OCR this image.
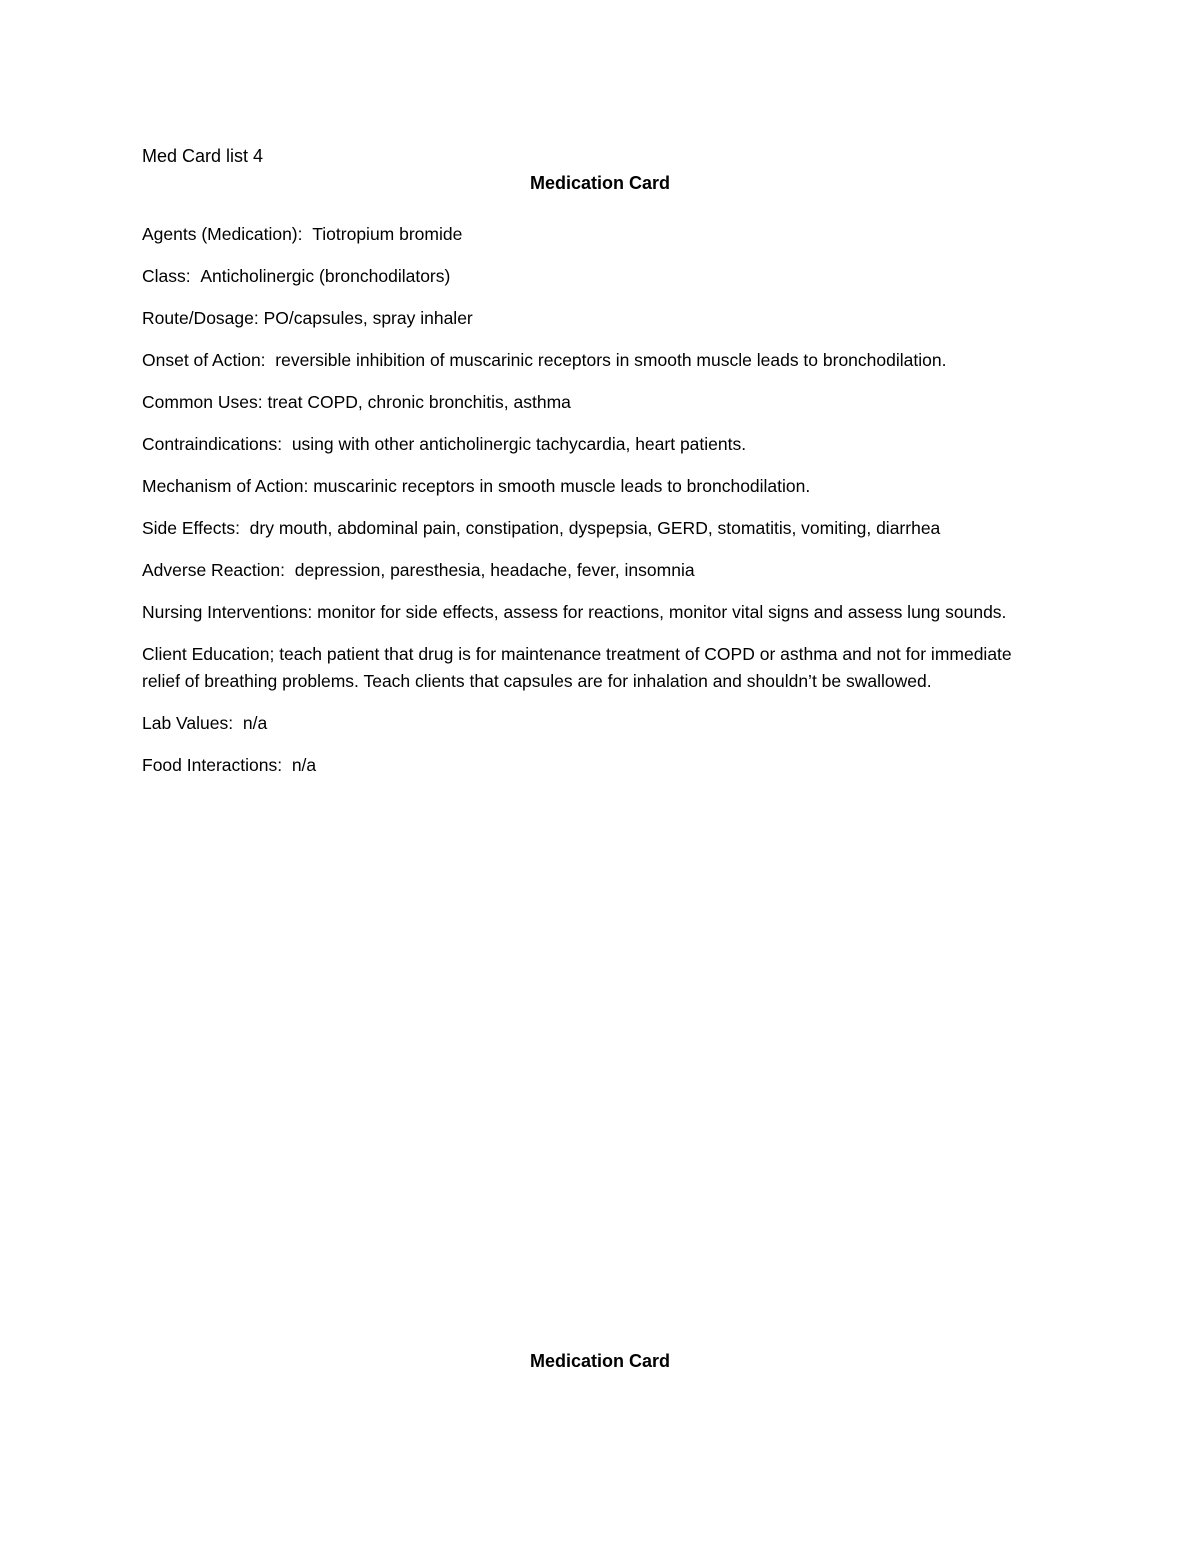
Med Card list 4
Medication Card
Agents (Medication): Tiotropium bromide
Class: Anticholinergic (bronchodilators)
Route/Dosage: PO/capsules, spray inhaler
Onset of Action: reversible inhibition of muscarinic receptors in smooth muscle leads to bronchodilation.
Common Uses: treat COPD, chronic bronchitis, asthma
Contraindications: using with other anticholinergic tachycardia, heart patients.
Mechanism of Action: muscarinic receptors in smooth muscle leads to bronchodilation.
Side Effects: dry mouth, abdominal pain, constipation, dyspepsia, GERD, stomatitis, vomiting, diarrhea
Adverse Reaction: depression, paresthesia, headache, fever, insomnia
Nursing Interventions: monitor for side effects, assess for reactions, monitor vital signs and assess lung sounds.
Client Education; teach patient that drug is for maintenance treatment of COPD or asthma and not for immediate relief of breathing problems. Teach clients that capsules are for inhalation and shouldn’t be swallowed.
Lab Values: n/a
Food Interactions: n/a
Medication Card
